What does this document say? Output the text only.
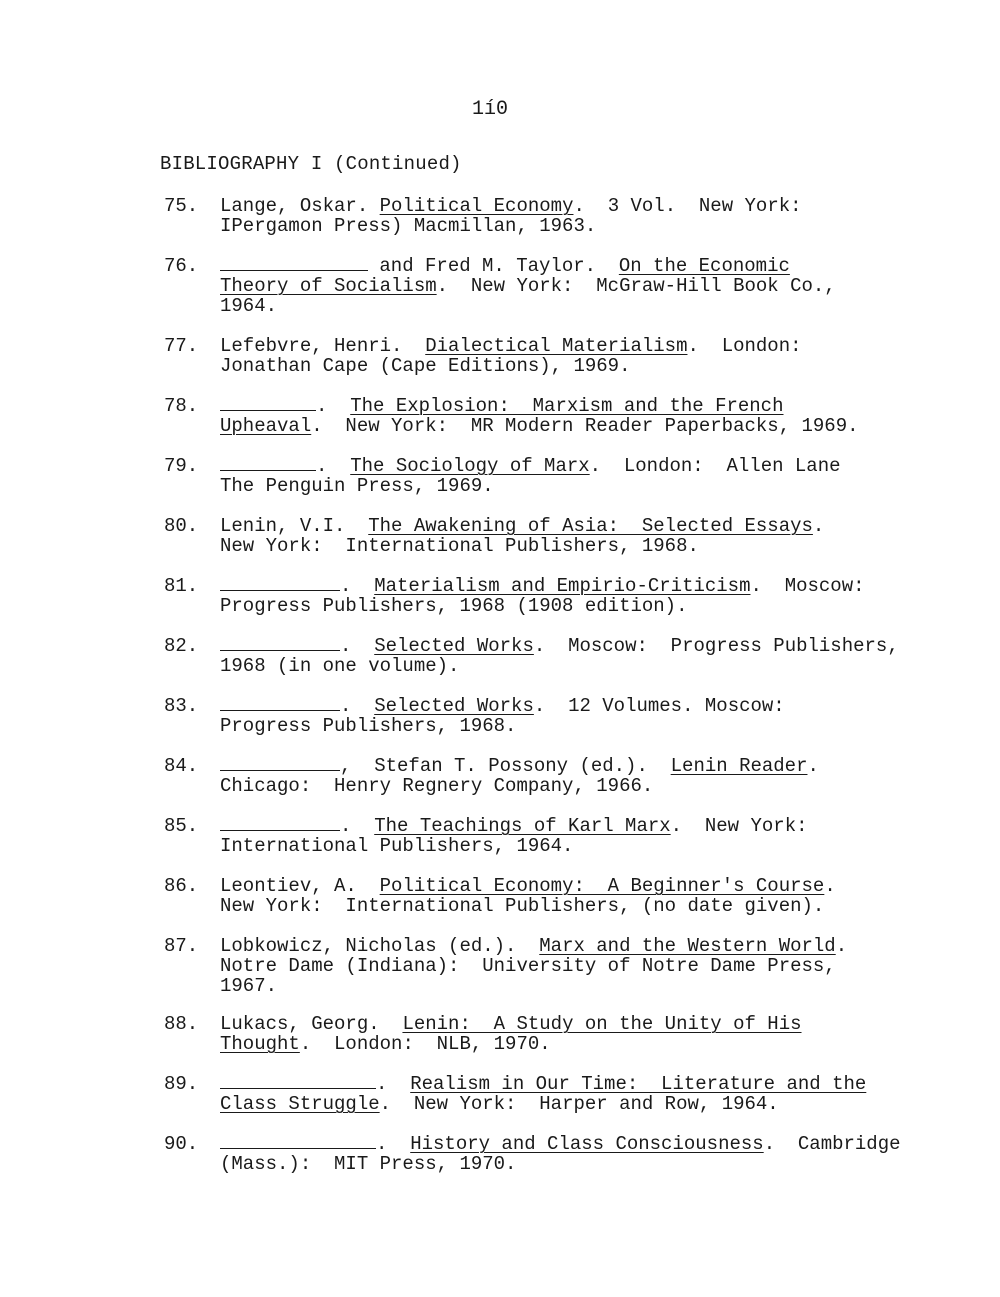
1í0
BIBLIOGRAPHY I (Continued)
75. Lange, Oskar. Political Economy.  3 Vol.  New York:
IPergamon Press) Macmillan, 1963.
76.	and Fred M. Taylor.  On the Economic
Theory of Socialism.  New York:  McGraw-Hill Book Co.,
1964.
77. Lefebvre, Henri.  Dialectical Materialism.  London:
Jonathan Cape (Cape Editions), 1969.
78.	.  The Explosion:  Marxism and the French
Upheaval.  New York:  MR Modern Reader Paperbacks, 1969.
79.	.  The Sociology of Marx.  London:  Allen Lane
The Penguin Press, 1969.
80. Lenin, V.I.  The Awakening of Asia:  Selected Essays.
New York:  International Publishers, 1968.
81.	.  Materialism and Empirio-Criticism.  Moscow:
Progress Publishers, 1968 (1908 edition).
82.	.  Selected Works.  Moscow:  Progress Publishers,
1968 (in one volume).
83.	.  Selected Works.  12 Volumes. Moscow:
Progress Publishers, 1968.
84.	,  Stefan T. Possony (ed.).  Lenin Reader.
Chicago:  Henry Regnery Company, 1966.
85.	.  The Teachings of Karl Marx.  New York:
International Publishers, 1964.
86. Leontiev, A.  Political Economy:  A Beginner's Course.
New York:  International Publishers, (no date given).
87. Lobkowicz, Nicholas (ed.).  Marx and the Western World.
Notre Dame (Indiana):  University of Notre Dame Press,
1967.
88. Lukacs, Georg.  Lenin:  A Study on the Unity of His
Thought.  London:  NLB, 1970.
89.	.  Realism in Our Time:  Literature and the
Class Struggle.  New York:  Harper and Row, 1964.
90.	.  History and Class Consciousness.  Cambridge
(Mass.):  MIT Press, 1970.
